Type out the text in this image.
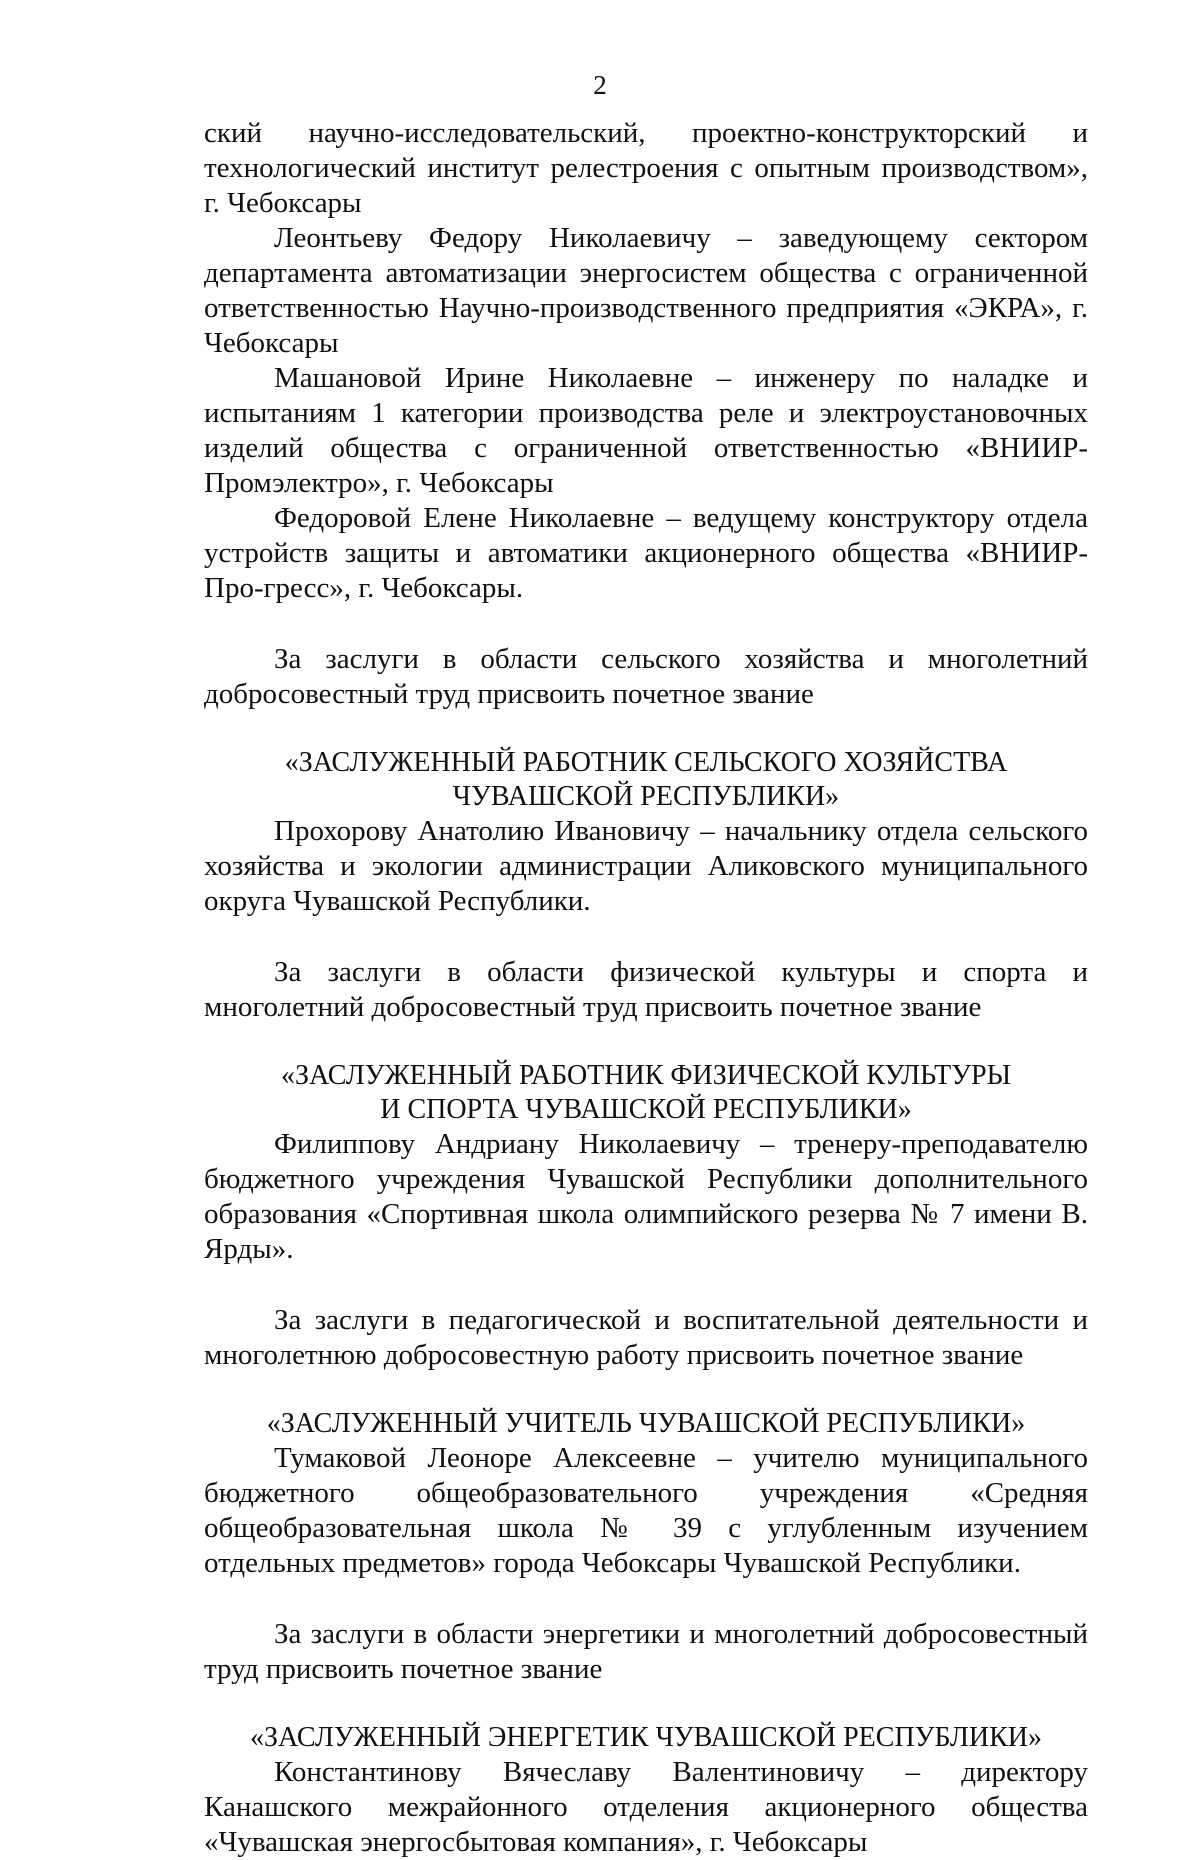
2

ский научно-исследовательский, проектно-конструкторский и технологический институт релестроения с опытным производством», г. Чебоксары

Леонтьеву Федору Николаевичу – заведующему сектором департамента автоматизации энергосистем общества с ограниченной ответственностью Научно-производственного предприятия «ЭКРА», г. Чебоксары

Машановой Ирине Николаевне – инженеру по наладке и испытаниям 1 категории производства реле и электроустановочных изделий общества с ограниченной ответственностью «ВНИИР-Промэлектро», г. Чебоксары

Федоровой Елене Николаевне – ведущему конструктору отдела устройств защиты и автоматики акционерного общества «ВНИИР-Про-гресс», г. Чебоксары.

За заслуги в области сельского хозяйства и многолетний добросовестный труд присвоить почетное звание

«ЗАСЛУЖЕННЫЙ РАБОТНИК СЕЛЬСКОГО ХОЗЯЙСТВА

ЧУВАШСКОЙ РЕСПУБЛИКИ»

Прохорову Анатолию Ивановичу – начальнику отдела сельского хозяйства и экологии администрации Аликовского муниципального округа Чувашской Республики.

За заслуги в области физической культуры и спорта и многолетний добросовестный труд присвоить почетное звание

«ЗАСЛУЖЕННЫЙ РАБОТНИК ФИЗИЧЕСКОЙ КУЛЬТУРЫ

И СПОРТА ЧУВАШСКОЙ РЕСПУБЛИКИ»

Филиппову Андриану Николаевичу – тренеру-преподавателю бюджетного учреждения Чувашской Республики дополнительного образования «Спортивная школа олимпийского резерва № 7 имени В. Ярды».

За заслуги в педагогической и воспитательной деятельности и многолетнюю добросовестную работу присвоить почетное звание

«ЗАСЛУЖЕННЫЙ УЧИТЕЛЬ ЧУВАШСКОЙ РЕСПУБЛИКИ»

Тумаковой Леоноре Алексеевне – учителю муниципального бюджетного общеобразовательного учреждения «Средняя общеобразовательная школа № 39 с углубленным изучением отдельных предметов» города Чебоксары Чувашской Республики.

За заслуги в области энергетики и многолетний добросовестный труд присвоить почетное звание

«ЗАСЛУЖЕННЫЙ ЭНЕРГЕТИК ЧУВАШСКОЙ РЕСПУБЛИКИ»

Константинову Вячеславу Валентиновичу – директору Канашского межрайонного отделения акционерного общества «Чувашская энергосбытовая компания», г. Чебоксары
